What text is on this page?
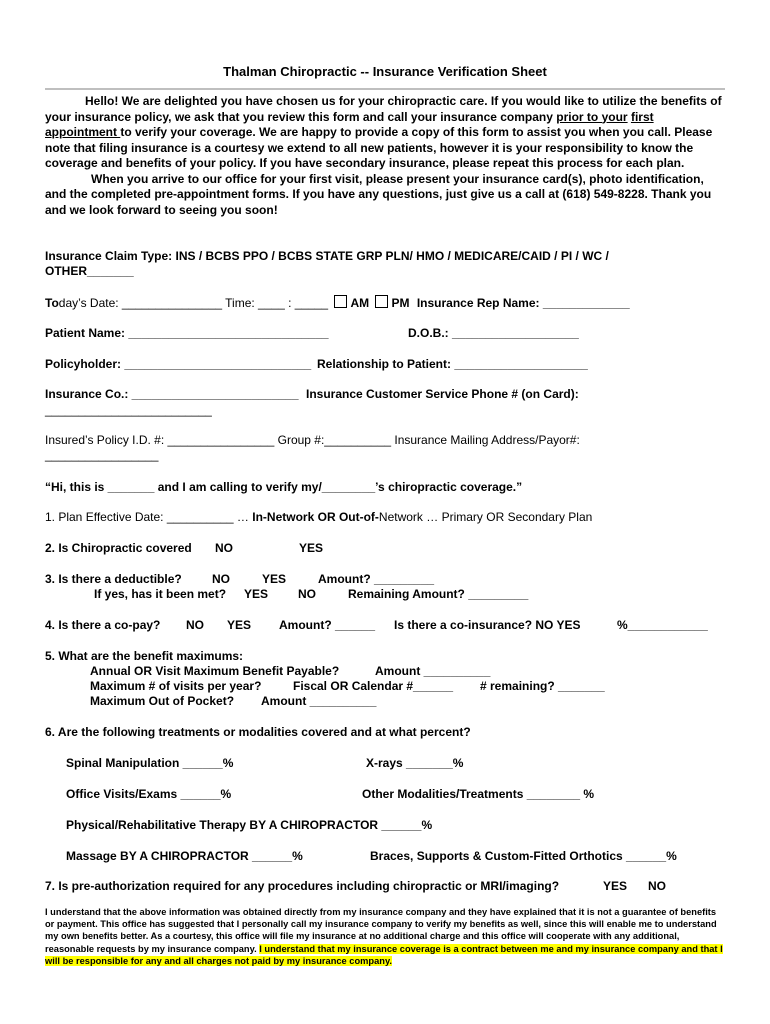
Thalman Chiropractic -- Insurance Verification Sheet

Hello! We are delighted you have chosen us for your chiropractic care. If you would like to utilize the benefits of your insurance policy, we ask that you review this form and call your insurance company prior to your first appointment to verify your coverage. We are happy to provide a copy of this form to assist you when you call. Please note that filing insurance is a courtesy we extend to all new patients, however it is your responsibility to know the coverage and benefits of your policy. If you have secondary insurance, please repeat this process for each plan.

When you arrive to our office for your first visit, please present your insurance card(s), photo identification, and the completed pre-appointment forms. If you have any questions, just give us a call at (618) 549-8228. Thank you and we look forward to seeing you soon!

Insurance Claim Type: INS / BCBS PPO / BCBS STATE GRP PLN/ HMO / MEDICARE/CAID / PI / WC /
OTHER_______
Today’s Date: _______________ Time: ____ : _____ AM PM Insurance Rep Name: _____________
Patient Name: ______________________________	D.O.B.: ___________________
Policyholder: ____________________________ Relationship to Patient: ____________________
Insurance Co.: _________________________ Insurance Customer Service Phone # (on Card):
_________________________
Insured’s Policy I.D. #: ________________ Group #:__________ Insurance Mailing Address/Payor#:
_________________
“Hi, this is _______ and I am calling to verify my/________’s chiropractic coverage.”
1. Plan Effective Date: __________ … In-Network OR Out-of-Network … Primary OR Secondary Plan
2. Is Chiropractic covered NO	YES
3. Is there a deductible?	NO	YES	Amount? _________
If yes, has it been met? YES NO	Remaining Amount? _________
4. Is there a co-pay? NO YES Amount? ______ Is there a co-insurance? NO YES	%____________
5. What are the benefit maximums:
Annual OR Visit Maximum Benefit Payable?	Amount __________
Maximum # of visits per year?	Fiscal OR Calendar #______ # remaining? _______
Maximum Out of Pocket? Amount __________
6. Are the following treatments or modalities covered and at what percent?
Spinal Manipulation ______%	X-rays _______%
Office Visits/Exams ______%	Other Modalities/Treatments ________ %
Physical/Rehabilitative Therapy BY A CHIROPRACTOR ______%
Massage BY A CHIROPRACTOR ______%	Braces, Supports & Custom-Fitted Orthotics ______%
7. Is pre-authorization required for any procedures including chiropractic or MRI/imaging?	YES NO
I understand that the above information was obtained directly from my insurance company and they have explained that it is not a guarantee of benefits or payment. This office has suggested that I personally call my insurance company to verify my benefits as well, since this will enable me to understand my own benefits better. As a courtesy, this office will file my insurance at no additional charge and this office will cooperate with any additional, reasonable requests by my insurance company. I understand that my insurance coverage is a contract between me and my insurance company and that I will be responsible for any and all charges not paid by my insurance company.
